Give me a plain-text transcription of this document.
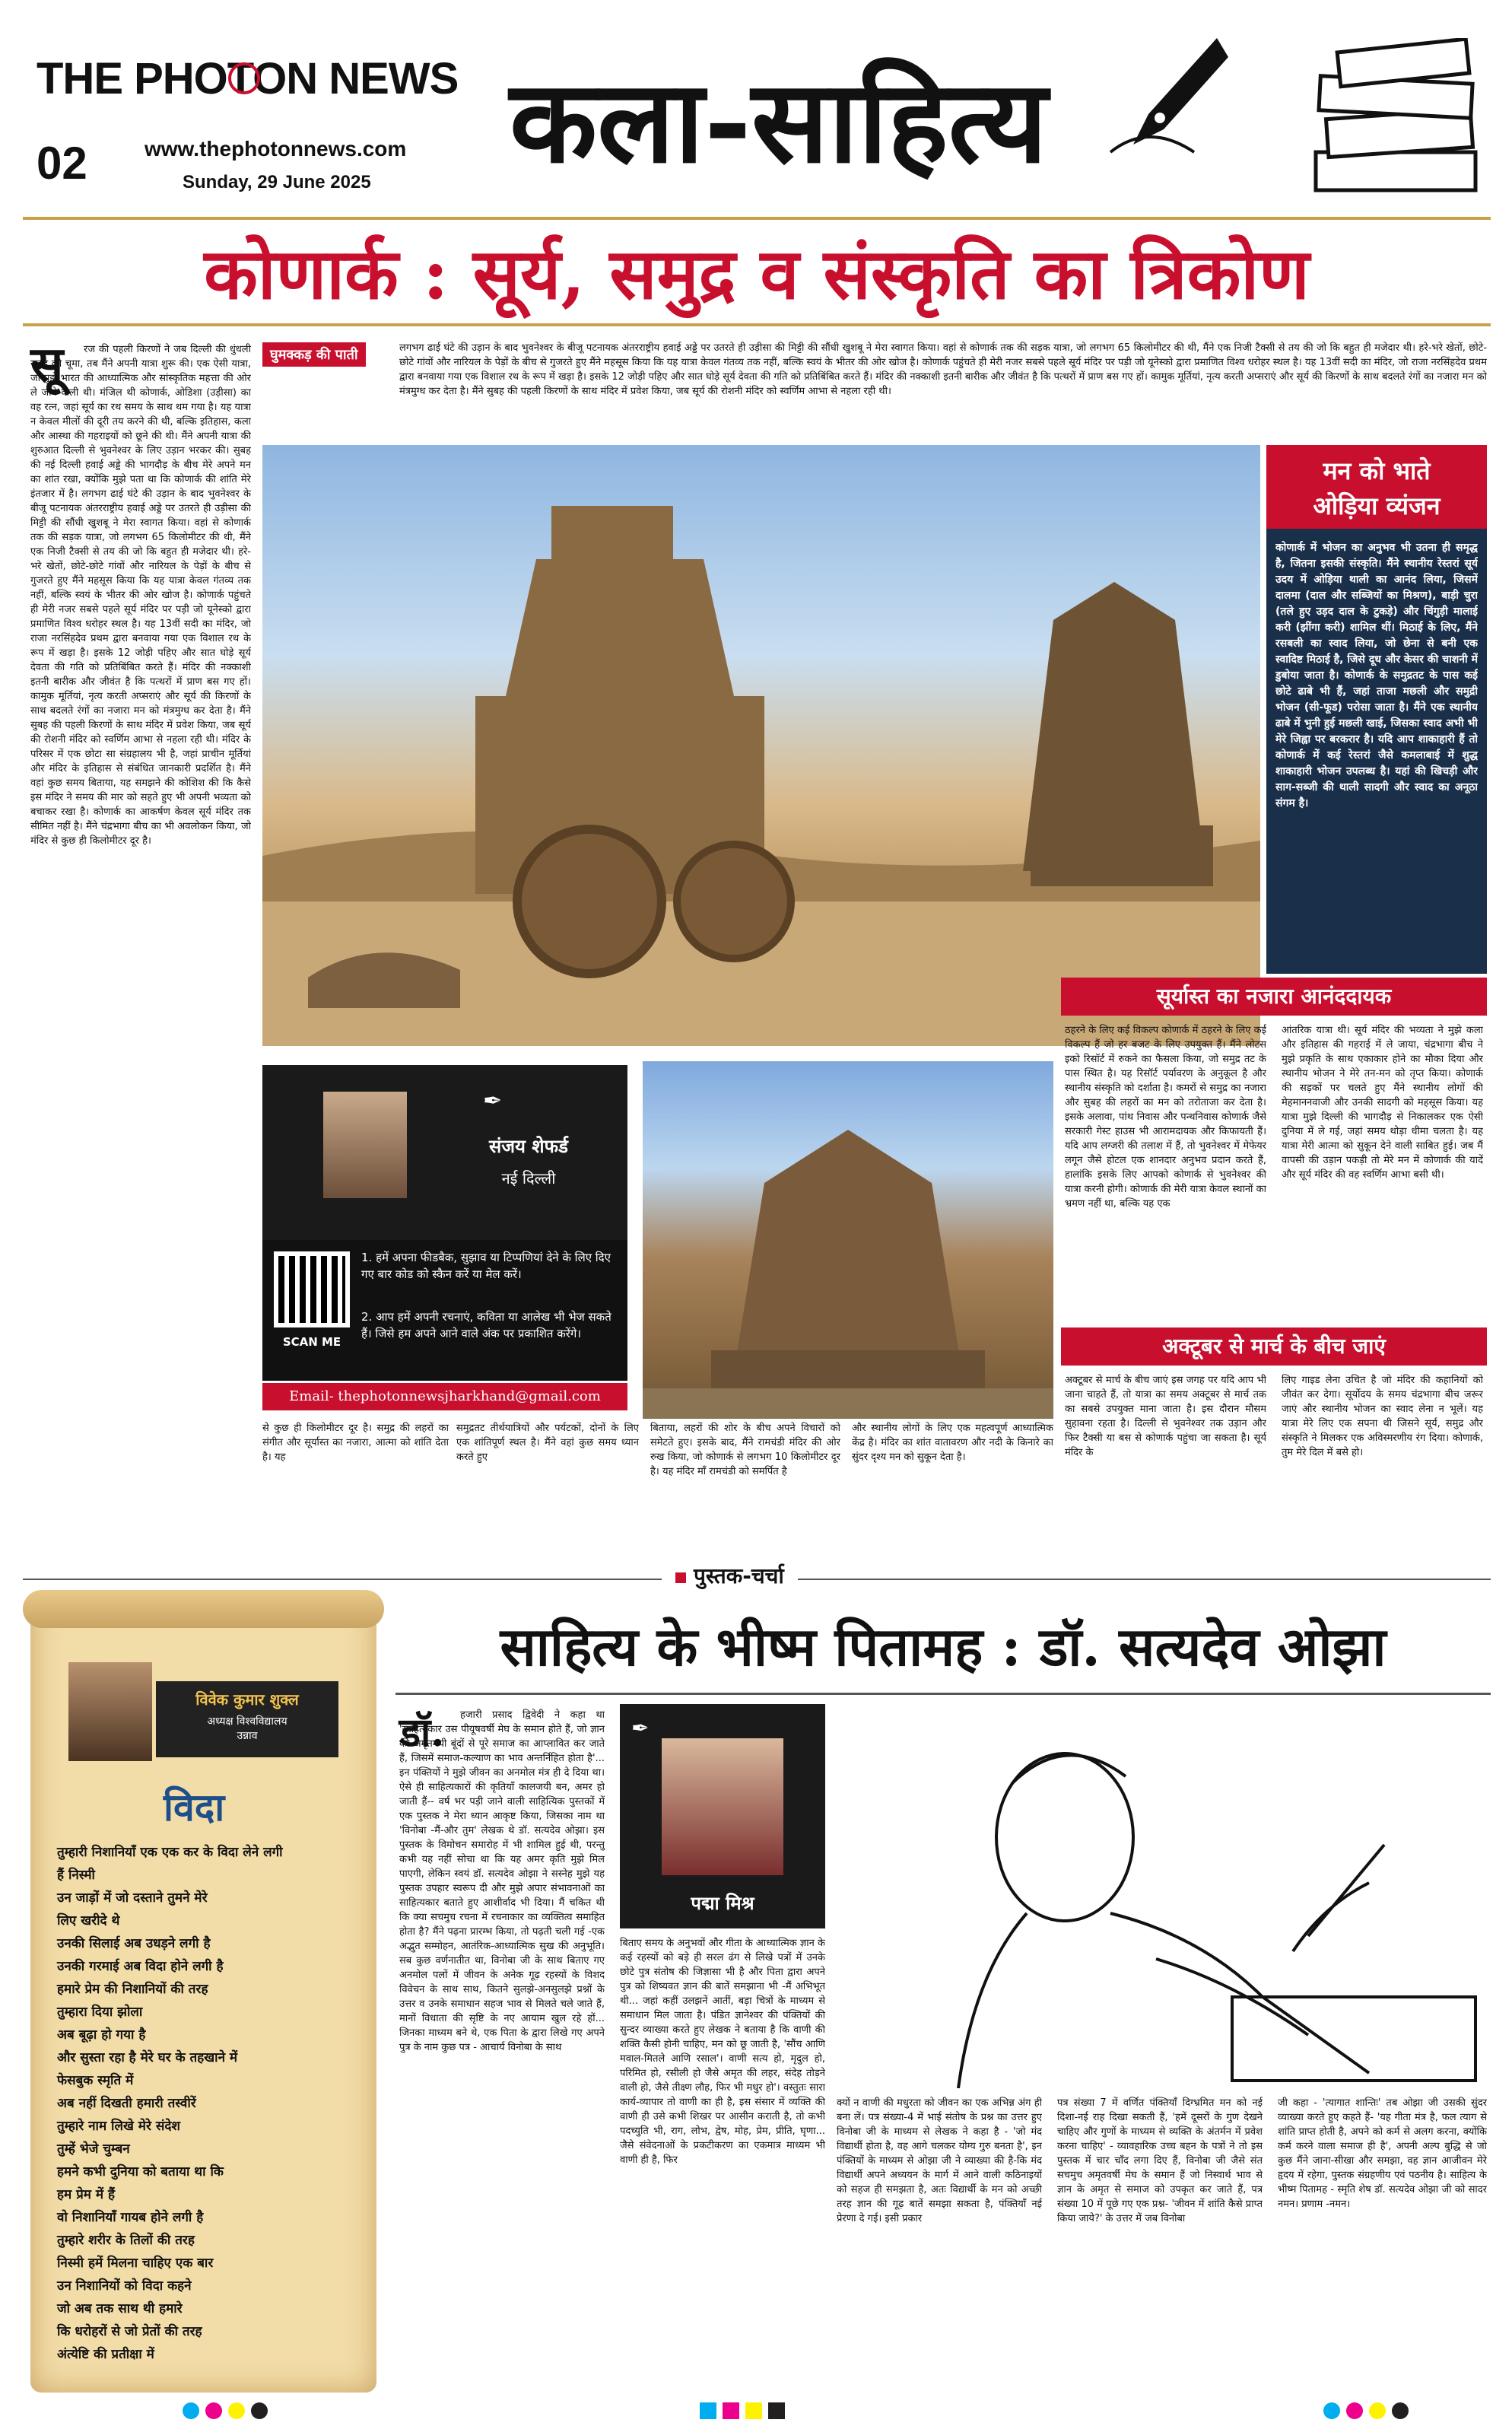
THE PHOTON NEWS
02	www.thephotonnews.com
Sunday, 29 June 2025 कला-साहित्य
कोणार्क : सूर्य, समुद्र व संस्कृति का त्रिकोण
सू	रज की पहली किरणों ने जब दिल्ली की धुंधली सुबह को चूमा, तब मैंने अपनी यात्रा शुरू की। एक ऐसी यात्रा, जो मुझे भारत की आध्यात्मिक और सांस्कृतिक महत्ता की ओर ले जाने वाली थी। मंजिल थी कोणार्क, ओडिशा (उड़ीसा) का वह रत्न, जहां सूर्य का रथ समय के साथ थम गया है। यह यात्रा न केवल मीलों की दूरी तय करने की थी, बल्कि इतिहास, कला और आस्था की गहराइयों को छूने की थी। मैंने अपनी यात्रा की शुरुआत दिल्ली से भुवनेश्वर के लिए उड़ान भरकर की। सुबह की नई दिल्ली हवाई अड्डे की भागदौड़ के बीच मेरे अपने मन का शांत रखा, क्योंकि मुझे पता था कि कोणार्क की शांति मेरे इंतजार में है। लगभग ढाई घंटे की उड़ान के बाद भुवनेश्वर के बीजू पटनायक अंतरराष्ट्रीय हवाई अड्डे पर उतरते ही उड़ीसा की मिट्टी की सौंधी खुशबू ने मेरा स्वागत किया। वहां से कोणार्क तक की सड़क यात्रा, जो लगभग 65 किलोमीटर की थी, मैंने एक निजी टैक्सी से तय की जो कि बहुत ही मजेदार थी। हरे-भरे खेतों, छोटे-छोटे गांवों और नारियल के पेड़ों के बीच से गुजरते हुए मैंने महसूस किया कि यह यात्रा केवल गंतव्य तक नहीं, बल्कि स्वयं के भीतर की ओर खोज है। कोणार्क पहुंचते ही मेरी नजर सबसे पहले सूर्य मंदिर पर पड़ी जो यूनेस्को द्वारा प्रमाणित विश्व धरोहर स्थल है। यह 13वीं सदी का मंदिर, जो राजा नरसिंहदेव प्रथम द्वारा बनवाया गया एक विशाल रथ के रूप में खड़ा है। इसके 12 जोड़ी पहिए और सात घोड़े सूर्य देवता की गति को प्रतिबिंबित करते हैं। मंदिर की नक्काशी इतनी बारीक और जीवंत है कि पत्थरों में प्राण बस गए हों। कामुक मूर्तियां, नृत्य करती अप्सराएं और सूर्य की किरणों के साथ बदलते रंगों का नजारा मन को मंत्रमुग्ध कर देता है। मैंने सुबह की पहली किरणों के साथ मंदिर में प्रवेश किया, जब सूर्य की रोशनी मंदिर को स्वर्णिम आभा से नहला रही थी। मंदिर के परिसर में एक छोटा सा संग्रहालय भी है, जहां प्राचीन मूर्तियां और मंदिर के इतिहास से संबंधित जानकारी प्रदर्शित है। मैंने वहां कुछ समय बिताया, यह समझने की कोशिश की कि कैसे इस मंदिर ने समय की मार को सहते हुए भी अपनी भव्यता को बचाकर रखा है। कोणार्क का आकर्षण केवल सूर्य मंदिर तक सीमित नहीं है। मैंने चंद्रभागा बीच का भी अवलोकन किया, जो मंदिर से कुछ ही किलोमीटर दूर है।
घुमक्कड़ की पाती	लगभग ढाई घंटे की उड़ान के बाद भुवनेश्वर के बीजू पटनायक अंतरराष्ट्रीय हवाई अड्डे पर उतरते ही उड़ीसा की मिट्टी की सौंधी खुशबू ने मेरा स्वागत किया। वहां से कोणार्क तक की सड़क यात्रा, जो लगभग 65 किलोमीटर की थी, मैंने एक निजी टैक्सी से तय की जो कि बहुत ही मजेदार थी। हरे-भरे खेतों, छोटे-छोटे गांवों और नारियल के पेड़ों के बीच से गुजरते हुए मैंने महसूस किया कि यह यात्रा केवल गंतव्य तक नहीं, बल्कि स्वयं के भीतर की ओर खोज है। कोणार्क पहुंचते ही मेरी नजर सबसे पहले सूर्य मंदिर पर पड़ी जो यूनेस्को द्वारा प्रमाणित विश्व धरोहर स्थल है। यह 13वीं सदी का मंदिर, जो राजा नरसिंहदेव प्रथम द्वारा बनवाया गया एक विशाल रथ के रूप में खड़ा है। इसके 12 जोड़ी पहिए और सात घोड़े सूर्य देवता की गति को प्रतिबिंबित करते हैं। मंदिर की नक्काशी इतनी बारीक और जीवंत है कि पत्थरों में प्राण बस गए हों। कामुक मूर्तियां, नृत्य करती अप्सराएं और सूर्य की किरणों के साथ बदलते रंगों का नजारा मन को मंत्रमुग्ध कर देता है। मैंने सुबह की पहली किरणों के साथ मंदिर में प्रवेश किया, जब सूर्य की रोशनी मंदिर को स्वर्णिम आभा से नहला रही थी।
✒
संजय शेफर्ड
नई दिल्ली
SCAN ME
1. हमें अपना फीडबैक, सुझाव या टिप्पणियां देने के लिए दिए गए बार कोड को स्कैन करें या मेल करें।
2. आप हमें अपनी रचनाएं, कविता या आलेख भी भेज सकते हैं। जिसे हम अपने आने वाले अंक पर प्रकाशित करेंगे।
Email- thephotonnewsjharkhand@gmail.com
से कुछ ही किलोमीटर दूर है। समुद्र की लहरों का संगीत और सूर्यास्त का नजारा, आत्मा को शांति देता है। यह
समुद्रतट तीर्थयात्रियों और पर्यटकों, दोनों के लिए एक शांतिपूर्ण स्थल है। मैंने वहां कुछ समय ध्यान करते हुए
बिताया, लहरों की शोर के बीच अपने विचारों को समेटते हुए। इसके बाद, मैंने रामचंडी मंदिर की ओर रुख किया, जो कोणार्क से लगभग 10 किलोमीटर दूर है। यह मंदिर माँ रामचंडी को समर्पित है
और स्थानीय लोगों के लिए एक महत्वपूर्ण आध्यात्मिक केंद्र है। मंदिर का शांत वातावरण और नदी के किनारे का सुंदर दृश्य मन को सुकून देता है।
मन को भाते
ओड़िया व्यंजन
कोणार्क में भोजन का अनुभव भी उतना ही समृद्ध है, जितना इसकी संस्कृति। मैंने स्थानीय रेस्तरां सूर्य उदय में ओड़िया थाली का आनंद लिया, जिसमें दालमा (दाल और सब्जियों का मिश्रण), बाड़ी चुरा (तले हुए उड़द दाल के टुकड़े) और चिंगुड़ी मालाई करी (झींगा करी) शामिल थीं। मिठाई के लिए, मैंने रसबली का स्वाद लिया, जो छेना से बनी एक स्वादिष्ट मिठाई है, जिसे दूध और केसर की चाशनी में डुबोया जाता है। कोणार्क के समुद्रतट के पास कई छोटे ढाबे भी हैं, जहां ताजा मछली और समुद्री भोजन (सी-फूड) परोसा जाता है। मैंने एक स्थानीय ढाबे में भुनी हुई मछली खाई, जिसका स्वाद अभी भी मेरे जिह्वा पर बरकरार है। यदि आप शाकाहारी हैं तो कोणार्क में कई रेस्तरां जैसे कमलाबाई में शुद्ध शाकाहारी भोजन उपलब्ध है। यहां की खिचड़ी और साग-सब्जी की थाली सादगी और स्वाद का अनूठा संगम है।
सूर्यास्त का नजारा आनंददायक
ठहरने के लिए कई विकल्प कोणार्क में ठहरने के लिए कई विकल्प हैं जो हर बजट के लिए उपयुक्त हैं। मैंने लोटस इको रिसॉर्ट में रुकने का फैसला किया, जो समुद्र तट के पास स्थित है। यह रिसॉर्ट पर्यावरण के अनुकूल है और स्थानीय संस्कृति को दर्शाता है। कमरों से समुद्र का नजारा और सुबह की लहरों का मन को तरोताजा कर देता है। इसके अलावा, पांथ निवास और पन्थनिवास कोणार्क जैसे सरकारी गेस्ट हाउस भी आरामदायक और किफायती हैं। यदि आप लग्जरी की तलाश में हैं, तो भुवनेश्वर में मेफेयर लगून जैसे होटल एक शानदार अनुभव प्रदान करते हैं, हालांकि इसके लिए आपको कोणार्क से भुवनेश्वर की यात्रा करनी होगी। कोणार्क की मेरी यात्रा केवल स्थानों का भ्रमण नहीं था, बल्कि यह एक
आंतरिक यात्रा थी। सूर्य मंदिर की भव्यता ने मुझे कला और इतिहास की गहराई में ले जाया, चंद्रभागा बीच ने मुझे प्रकृति के साथ एकाकार होने का मौका दिया और स्थानीय भोजन ने मेरे तन-मन को तृप्त किया। कोणार्क की सड़कों पर चलते हुए मैंने स्थानीय लोगों की मेहमाननवाजी और उनकी सादगी को महसूस किया। यह यात्रा मुझे दिल्ली की भागदौड़ से निकालकर एक ऐसी दुनिया में ले गई, जहां समय थोड़ा धीमा चलता है। यह यात्रा मेरी आत्मा को सुकून देने वाली साबित हुई। जब मैं वापसी की उड़ान पकड़ी तो मेरे मन में कोणार्क की यादें और सूर्य मंदिर की वह स्वर्णिम आभा बसी थी।
अक्टूबर से मार्च के बीच जाएं
अक्टूबर से मार्च के बीच जाएं इस जगह पर यदि आप भी जाना चाहते हैं, तो यात्रा का समय अक्टूबर से मार्च तक का सबसे उपयुक्त माना जाता है। इस दौरान मौसम सुहावना रहता है। दिल्ली से भुवनेश्वर तक उड़ान और फिर टैक्सी या बस से कोणार्क पहुंचा जा सकता है। सूर्य मंदिर के
लिए गाइड लेना उचित है जो मंदिर की कहानियों को जीवंत कर देगा। सूर्योदय के समय चंद्रभागा बीच जरूर जाएं और स्थानीय भोजन का स्वाद लेना न भूलें। यह यात्रा मेरे लिए एक सपना थी जिसने सूर्य, समुद्र और संस्कृति ने मिलकर एक अविस्मरणीय रंग दिया। कोणार्क, तुम मेरे दिल में बसे हो।
पुस्तक-चर्चा
विवेक कुमार शुक्ल
अध्यक्ष विश्वविद्यालय
उन्नाव
विदा
तुम्हारी निशानियाँ एक एक कर के विदा लेने लगी
हैं निस्मी
उन जाड़ों में जो दस्ताने तुमने मेरे
लिए खरीदे थे
उनकी सिलाई अब उधड़ने लगी है
उनकी गरमाई अब विदा होने लगी है
हमारे प्रेम की निशानियों की तरह
तुम्हारा दिया झोला
अब बूढ़ा हो गया है
और सुस्ता रहा है मेरे घर के तहखाने में
फेसबुक स्मृति में
अब नहीं दिखती हमारी तस्वीरें
तुम्हारे नाम लिखे मेरे संदेश
तुम्हें भेजे चुम्बन
हमने कभी दुनिया को बताया था कि
हम प्रेम में हैं
वो निशानियाँ गायब होने लगी है
तुम्हारे शरीर के तिलों की तरह
निस्मी हमें मिलना चाहिए एक बार
उन निशानियों को विदा कहने
जो अब तक साथ थी हमारे
कि धरोहरों से जो प्रेतों की तरह
अंत्येष्टि की प्रतीक्षा में
साहित्य के भीष्म पितामह : डॉ. सत्यदेव ओझा
डॉ.	हजारी प्रसाद द्विवेदी ने कहा था 'साहित्यकार उस पीयूषवर्षी मेघ के समान होते हैं, जो ज्ञान की अमृतमयी बूंदों से पूरे समाज का आप्लावित कर जाते हैं, जिसमें समाज-कल्याण का भाव अन्तर्निहित होता है'... इन पंक्तियों ने मुझे जीवन का अनमोल मंत्र ही दे दिया था। ऐसे ही साहित्यकारों की कृतियाँ कालजयी बन, अमर हो जाती हैं-- वर्ष भर पड़ी जाने वाली साहित्यिक पुस्तकों में एक पुस्तक ने मेरा ध्यान आकृष्ट किया, जिसका नाम था 'विनोबा -मैं-और तुम' लेखक थे डॉ. सत्यदेव ओझा। इस पुस्तक के विमोचन समारोह में भी शामिल हुई थी, परन्तु कभी यह नहीं सोचा था कि यह अमर कृति मुझे मिल पाएगी, लेकिन स्वयं डॉ. सत्यदेव ओझा ने सस्नेह मुझे यह पुस्तक उपहार स्वरूप दी और मुझे अपार संभावनाओं का साहित्यकार बताते हुए आशीर्वाद भी दिया। मैं चकित थी कि क्या सचमुच रचना में रचनाकार का व्यक्तित्व समाहित होता है? मैंने पढ़ना प्रारम्भ किया, तो पढ़ती चली गई -एक अद्भुत सम्मोहन, आतंरिक-आध्यात्मिक सुख की अनुभूति। सब कुछ वर्णनातीत था, विनोबा जी के साथ बिताए गए अनमोल पलों में जीवन के अनेक गूढ़ रहस्यों के विशद विवेचन के साथ साथ, कितने सुलझे-अनसुलझे प्रश्नों के उत्तर व उनके समाधान सहज भाव से मिलते चले जाते हैं, मानों विधाता की सृष्टि के नए आयाम खुल रहे हों... जिनका माध्यम बने थे, एक पिता के द्वारा लिखे गए अपने पुत्र के नाम कुछ पत्र - आचार्य विनोबा के साथ
✒
पद्मा मिश्र
बिताए समय के अनुभवों और गीता के आध्यात्मिक ज्ञान के कई रहस्यों को बड़े ही सरल ढंग से लिखे पत्रों में उनके छोटे पुत्र संतोष की जिज्ञासा भी है और पिता द्वारा अपने पुत्र को शिष्यवत ज्ञान की बातें समझाना भी -मैं अभिभूत थी... जहां कहीं उलझनें आतीं, बड़ा चित्रों के माध्यम से समाधान मिल जाता है। पंडित ज्ञानेश्वर की पंक्तियों की सुन्दर व्याख्या करते हुए लेखक ने बताया है कि वाणी की शक्ति कैसी होनी चाहिए, मन को छू जाती है, 'सौंच आणि मवाल-मितले आणि रसाल'। वाणी सत्य हो, मृदुल हो, परिमित हो, रसीली हो जैसे अमृत की लहर, संदेह तोड़ने वाली हो, जैसे तीक्ष्ण लौह, फिर भी मधुर हो'। वस्तुतः सारा कार्य-व्यापार तो वाणी का ही है, इस संसार में व्यक्ति की वाणी ही उसे कभी शिखर पर आसीन कराती है, तो कभी पदच्युति भी, राग, लोभ, द्वेष, मोह, प्रेम, प्रीति, घृणा... जैसे संवेदनाओं के प्रकटीकरण का एकमात्र माध्यम भी वाणी ही है, फिर
क्यों न वाणी की मधुरता को जीवन का एक अभिन्न अंग ही बना लें। पत्र संख्या-4 में भाई संतोष के प्रश्न का उत्तर हुए विनोबा जी के माध्यम से लेखक ने कहा है - 'जो मंद विद्यार्थी होता है, वह आगे चलकर योग्य गुरु बनता है', इन पंक्तियों के माध्यम से ओझा जी ने व्याख्या की है-कि मंद विद्यार्थी अपने अध्ययन के मार्ग में आने वाली कठिनाइयों को सहज ही समझता है, अतः विद्यार्थी के मन को अच्छी तरह ज्ञान की गूढ़ बातें समझा सकता है, पंक्तियाँ नई प्रेरणा दे गई। इसी प्रकार
पत्र संख्या 7 में वर्णित पंक्तियाँ दिग्भ्रमित मन को नई दिशा-नई राह दिखा सकती हैं, 'हमें दूसरों के गुण देखने चाहिए और गुणों के माध्यम से व्यक्ति के अंतर्मन में प्रवेश करना चाहिए' - व्यावहारिक उच्च बहन के पत्रों ने तो इस पुस्तक में चार चाँद लगा दिए हैं, विनोबा जी जैसे संत सचमुच अमृतवर्षी मेघ के समान हैं जो निस्वार्थ भाव से ज्ञान के अमृत से समाज को उपकृत कर जाते हैं, पत्र संख्या 10 में पूछे गए एक प्रश्न- 'जीवन में शांति कैसे प्राप्त किया जाये?' के उत्तर में जब विनोबा
जी कहा - 'त्यागात शान्तिः' तब ओझा जी उसकी सुंदर व्याख्या करते हुए कहते हैं- 'यह गीता मंत्र है, फल त्याग से शांति प्राप्त होती है, अपने को कर्म से अलग करना, क्योंकि कर्म करने वाला समाज ही है', अपनी अल्प बुद्धि से जो कुछ मैंने जाना-सीखा और समझा, वह ज्ञान आजीवन मेरे हृदय में रहेगा, पुस्तक संग्रहणीय एवं पठनीय है। साहित्य के भीष्म पितामह - स्मृति शेष डॉ. सत्यदेव ओझा जी को सादर नमन। प्रणाम -नमन।
